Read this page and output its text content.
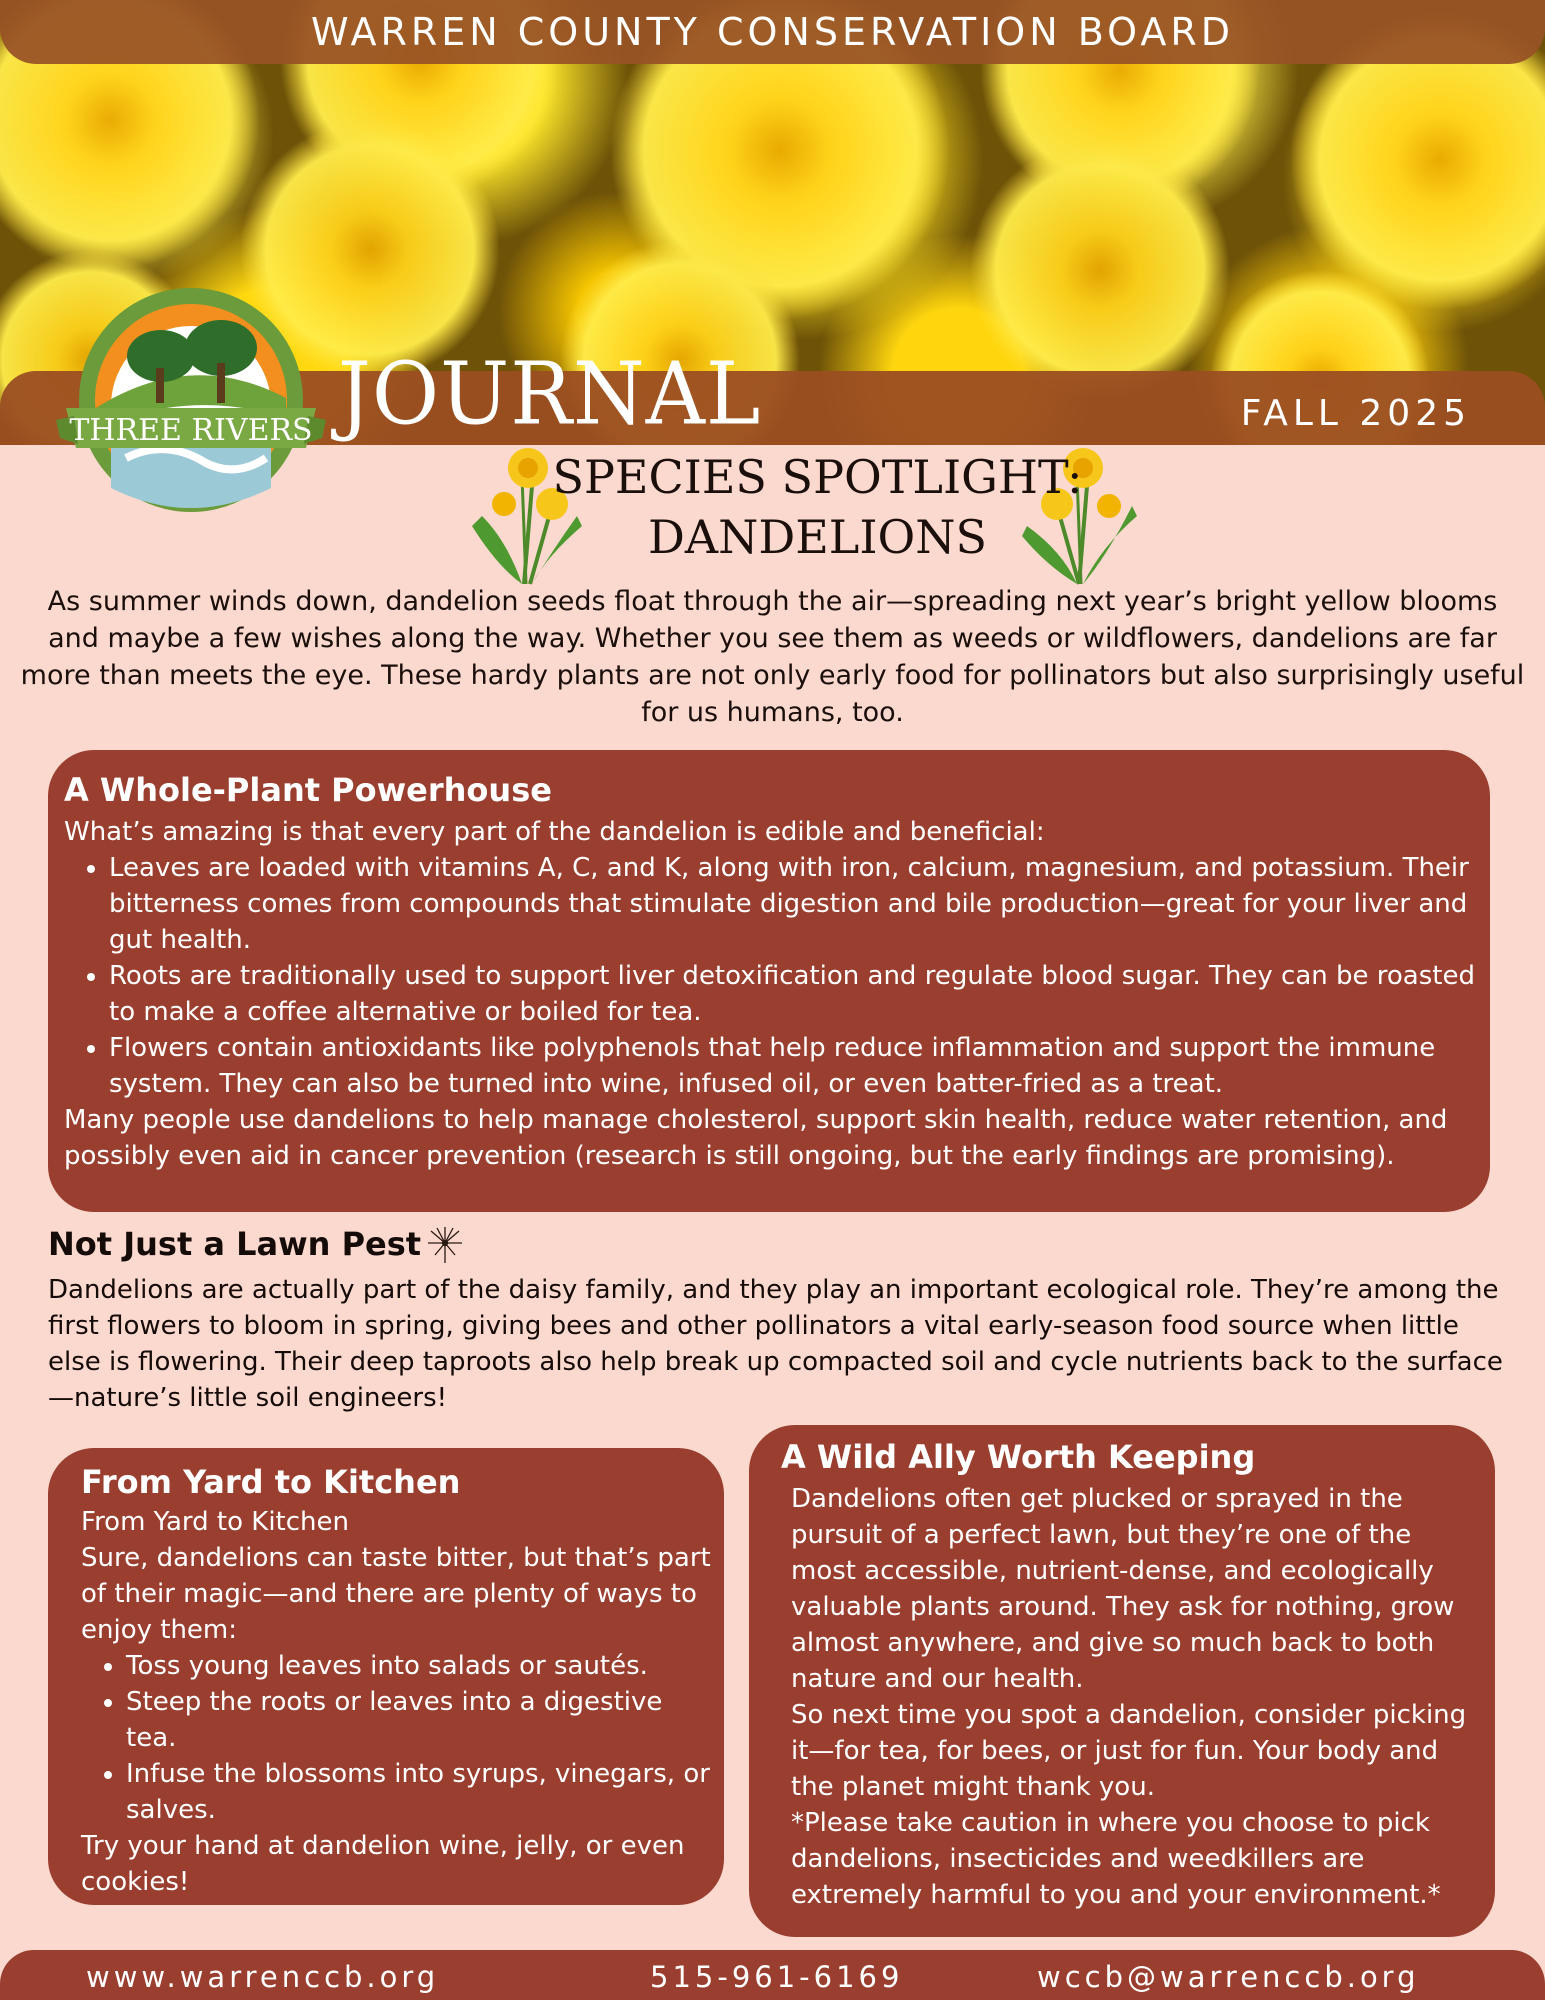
WARREN COUNTY CONSERVATION BOARD
FALL 2025
JOURNAL
THREE RIVERS
SPECIES SPOTLIGHT:
DANDELIONS

As summer winds down, dandelion seeds float through the air—spreading next year’s bright yellow blooms and maybe a few wishes along the way. Whether you see them as weeds or wildflowers, dandelions are far more than meets the eye. These hardy plants are not only early food for pollinators but also surprisingly useful for us humans, too.

A Whole-Plant Powerhouse

What’s amazing is that every part of the dandelion is edible and beneficial:

• Leaves are loaded with vitamins A, C, and K, along with iron, calcium, magnesium, and potassium. Their bitterness comes from compounds that stimulate digestion and bile production—great for your liver and gut health.
• Roots are traditionally used to support liver detoxification and regulate blood sugar. They can be roasted to make a coffee alternative or boiled for tea.
• Flowers contain antioxidants like polyphenols that help reduce inflammation and support the immune system. They can also be turned into wine, infused oil, or even batter-fried as a treat.

Many people use dandelions to help manage cholesterol, support skin health, reduce water retention, and possibly even aid in cancer prevention (research is still ongoing, but the early findings are promising).

Not Just a Lawn Pest

Dandelions are actually part of the daisy family, and they play an important ecological role. They’re among the first flowers to bloom in spring, giving bees and other pollinators a vital early-season food source when little else is flowering. Their deep taproots also help break up compacted soil and cycle nutrients back to the surface—nature’s little soil engineers!

From Yard to Kitchen

From Yard to Kitchen

Sure, dandelions can taste bitter, but that’s part of their magic—and there are plenty of ways to enjoy them:

• Toss young leaves into salads or sautés.
• Steep the roots or leaves into a digestive tea.
• Infuse the blossoms into syrups, vinegars, or salves.

Try your hand at dandelion wine, jelly, or even cookies!

A Wild Ally Worth Keeping

Dandelions often get plucked or sprayed in the pursuit of a perfect lawn, but they’re one of the most accessible, nutrient-dense, and ecologically valuable plants around. They ask for nothing, grow almost anywhere, and give so much back to both nature and our health.

So next time you spot a dandelion, consider picking it—for tea, for bees, or just for fun. Your body and the planet might thank you.

*Please take caution in where you choose to pick dandelions, insecticides and weedkillers are extremely harmful to you and your environment.*

www.warrenccb.org	515-961-6169	wccb@warrenccb.org
